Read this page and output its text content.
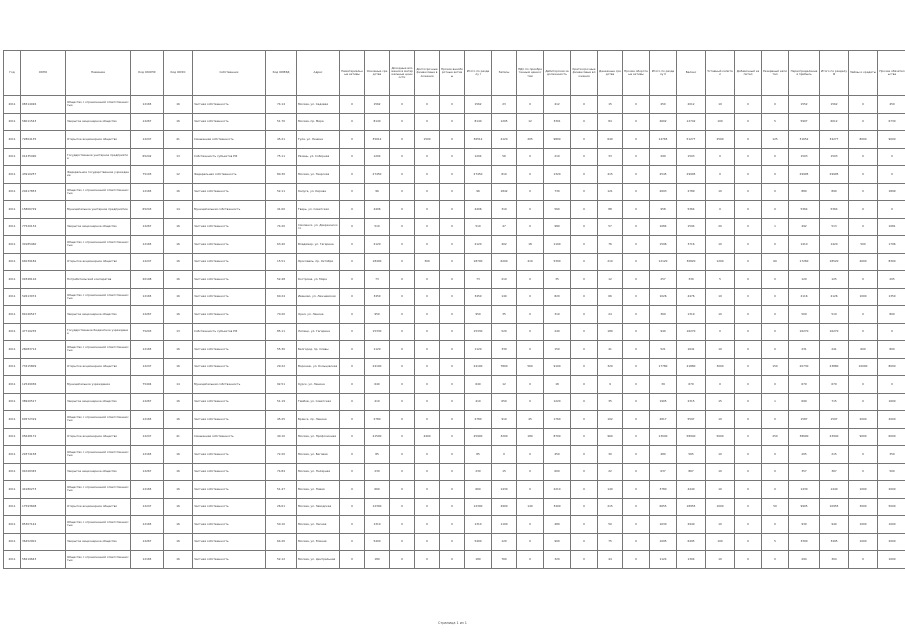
Год	ОКПО	Название	Код ОКОПФ	Код ОКФС	Собственник	Код ОКВЭД	Адрес	Нематериальные активы	Основные средства	Доходные вложения в материальные ценности	Долгосрочные финансовые вложения	Прочие внеоборотные активы	Итого по разделу I	Запасы	НДС по приобретенным ценностям	Дебиторская задолженность	Краткосрочные финансовые вложения	Денежные средства	Прочие оборотные активы	Итого по разделу II	Баланс	Уставный капитал	Добавочный капитал	Резервный капитал	Нераспределенная прибыль	Итого по разделу III	Займы и кредиты	Прочие обязательства
2011	08314026	Общество с ограниченной ответственностью	12165	16	Частная собственность	74.14	Москва, ул. Садовая	0	1562	0	0	0	1562	23	0	412	0	15	0	450	2012	10	0	0	1552	1562	0	450
2011	56011543	Закрытое акционерное общество	12267	16	Частная собственность	51.70	Москва, пр. Мира	0	8140	0	0	0	8140	1205	12	3301	0	84	0	4602	12742	100	0	5	5907	6012	0	6730
2011	72804135	Открытое акционерное общество	12247	41	Смешанная собственность	45.21	Тула, ул. Ленина	0	35012	0	1500	0	36512	4120	205	9800	0	640	0	14765	51277	2500	0	125	31652	34277	8000	9000
2011	01235490	Государственное унитарное предприятие	65242	13	Собственность субъектов РФ	75.11	Рязань, ул. Соборная	0	1204	0	0	0	1204	56	0	210	0	33	0	299	1503	0	0	0	1503	1503	0	0
2011	43910257	Федеральное государственное учреждение	75103	12	Федеральная собственность	80.30	Москва, ул. Тверская	0	27450	0	0	0	27450	810	0	1320	0	415	0	2545	29995	0	0	0	29995	29995	0	0
2011	20417853	Общество с ограниченной ответственностью	12165	16	Частная собственность	52.11	Калуга, ул. Кирова	0	96	0	0	0	96	1842	0	730	0	121	0	2693	2789	10	0	0	880	890	0	1899
2011	15806729	Муниципальное унитарное предприятие	65243	14	Муниципальная собственность	41.00	Тверь, ул. Советская	0	4406	0	0	0	4406	310	0	560	0	88	0	958	5364	0	0	0	5364	5364	0	0
2011	77520134	Закрытое акционерное общество	12267	16	Частная собственность	74.20	Смоленск, ул. Дзержинского	0	510	0	0	0	510	47	0	980	0	57	0	1084	1594	20	0	1	492	513	0	1081
2011	30185460	Общество с ограниченной ответственностью	12165	16	Частная собственность	63.40	Владимир, ул. Гагарина	0	2120	0	0	0	2120	402	18	1100	0	76	0	1596	3716	10	0	0	1410	1420	500	1796
2011	64039182	Открытое акционерное общество	12247	16	Частная собственность	15.51	Ярославль, пр. Октября	0	18400	0	300	0	18700	6200	410	5300	0	210	0	12120	30820	1200	0	60	17260	18520	4000	8300
2011	09348116	Потребительский кооператив	20108	16	Частная собственность	52.48	Кострома, ул. Мира	0	73	0	0	0	73	210	0	35	0	12	0	257	330	5	0	0	120	125	0	205
2011	52613074	Общество с ограниченной ответственностью	12165	16	Частная собственность	60.24	Иваново, ул. Лежневская	0	3450	0	0	0	3450	140	0	820	0	66	0	1026	4476	10	0	0	2116	2126	1000	1350
2011	81046527	Закрытое акционерное общество	12267	16	Частная собственность	70.20	Орел, ул. Ленина	0	950	0	0	0	950	35	0	310	0	24	0	369	1319	10	0	0	509	519	0	800
2011	47710235	Государственное бюджетное учреждение	75203	13	Собственность субъектов РФ	85.11	Липецк, ул. Гагарина	0	15330	0	0	0	15330	520	0	240	0	180	0	940	16270	0	0	0	16270	16270	0	0
2011	26083714	Общество с ограниченной ответственностью	12165	16	Частная собственность	55.30	Белгород, пр. Славы	0	1120	0	0	0	1120	330	0	150	0	41	0	521	1641	10	0	0	231	241	600	800
2011	73215809	Открытое акционерное общество	12247	16	Частная собственность	29.22	Воронеж, ул. Кольцовская	0	24100	0	0	0	24100	7800	560	9100	0	320	0	17780	41880	3000	0	150	20730	23880	10000	8000
2011	12549036	Муниципальное учреждение	75404	14	Муниципальная собственность	92.51	Курск, ул. Ленина	0	640	0	0	0	640	12	0	18	0	9	0	39	679	0	0	0	679	679	0	0
2011	38920517	Закрытое акционерное общество	12267	16	Частная собственность	51.19	Тамбов, ул. Советская	0	410	0	0	0	410	650	0	1220	0	35	0	1905	2315	15	0	1	699	715	0	1600
2011	60572319	Общество с ограниченной ответственностью	12165	16	Частная собственность	45.25	Брянск, пр. Ленина	0	2780	0	0	0	2780	910	45	1760	0	102	0	2817	5597	10	0	0	1587	1597	2000	2000
2011	05648172	Открытое акционерное общество	12247	41	Смешанная собственность	40.10	Москва, ул. Профсоюзная	0	41500	0	4400	0	45900	3200	180	8700	0	960	0	13040	58940	5000	0	250	38690	43940	9000	6000
2011	29374158	Общество с ограниченной ответственностью	12165	16	Частная собственность	72.20	Москва, ул. Беговая	0	85	0	0	0	85	0	0	450	0	30	0	480	565	10	0	0	205	215	0	350
2011	91026345	Закрытое акционерное общество	12267	16	Частная собственность	74.84	Москва, ул. Полярная	0	230	0	0	0	230	15	0	600	0	22	0	637	867	10	0	0	357	367	0	500
2011	44180273	Общество с ограниченной ответственностью	12165	16	Частная собственность	51.47	Москва, ул. Новая	0	660	0	0	0	660	1430	0	2210	0	140	0	3780	4440	10	0	0	1430	1440	1000	2000
2011	17593608	Открытое акционерное общество	12247	16	Частная собственность	26.61	Москва, ул. Заводская	0	12300	0	0	0	12300	2900	140	3400	0	215	0	6655	18955	1000	0	50	9905	10955	3000	5000
2011	85307142	Общество с ограниченной ответственностью	12165	16	Частная собственность	50.10	Москва, ул. Лесная	0	1310	0	0	0	1310	1100	0	480	0	50	0	1630	2940	10	0	0	930	940	1000	1000
2011	36452901	Закрытое акционерное общество	12267	16	Частная собственность	64.20	Москва, ул. Южная	0	5400	0	0	0	5400	120	0	900	0	75	0	1095	6495	100	0	5	3390	3495	1000	2000
2011	58219643	Общество с ограниченной ответственностью	12165	16	Частная собственность	52.12	Москва, ул. Центральная	0	180	0	0	0	180	760	0	320	0	44	0	1124	1304	10	0	0	294	304	0	1000
Страница 1 из 1
